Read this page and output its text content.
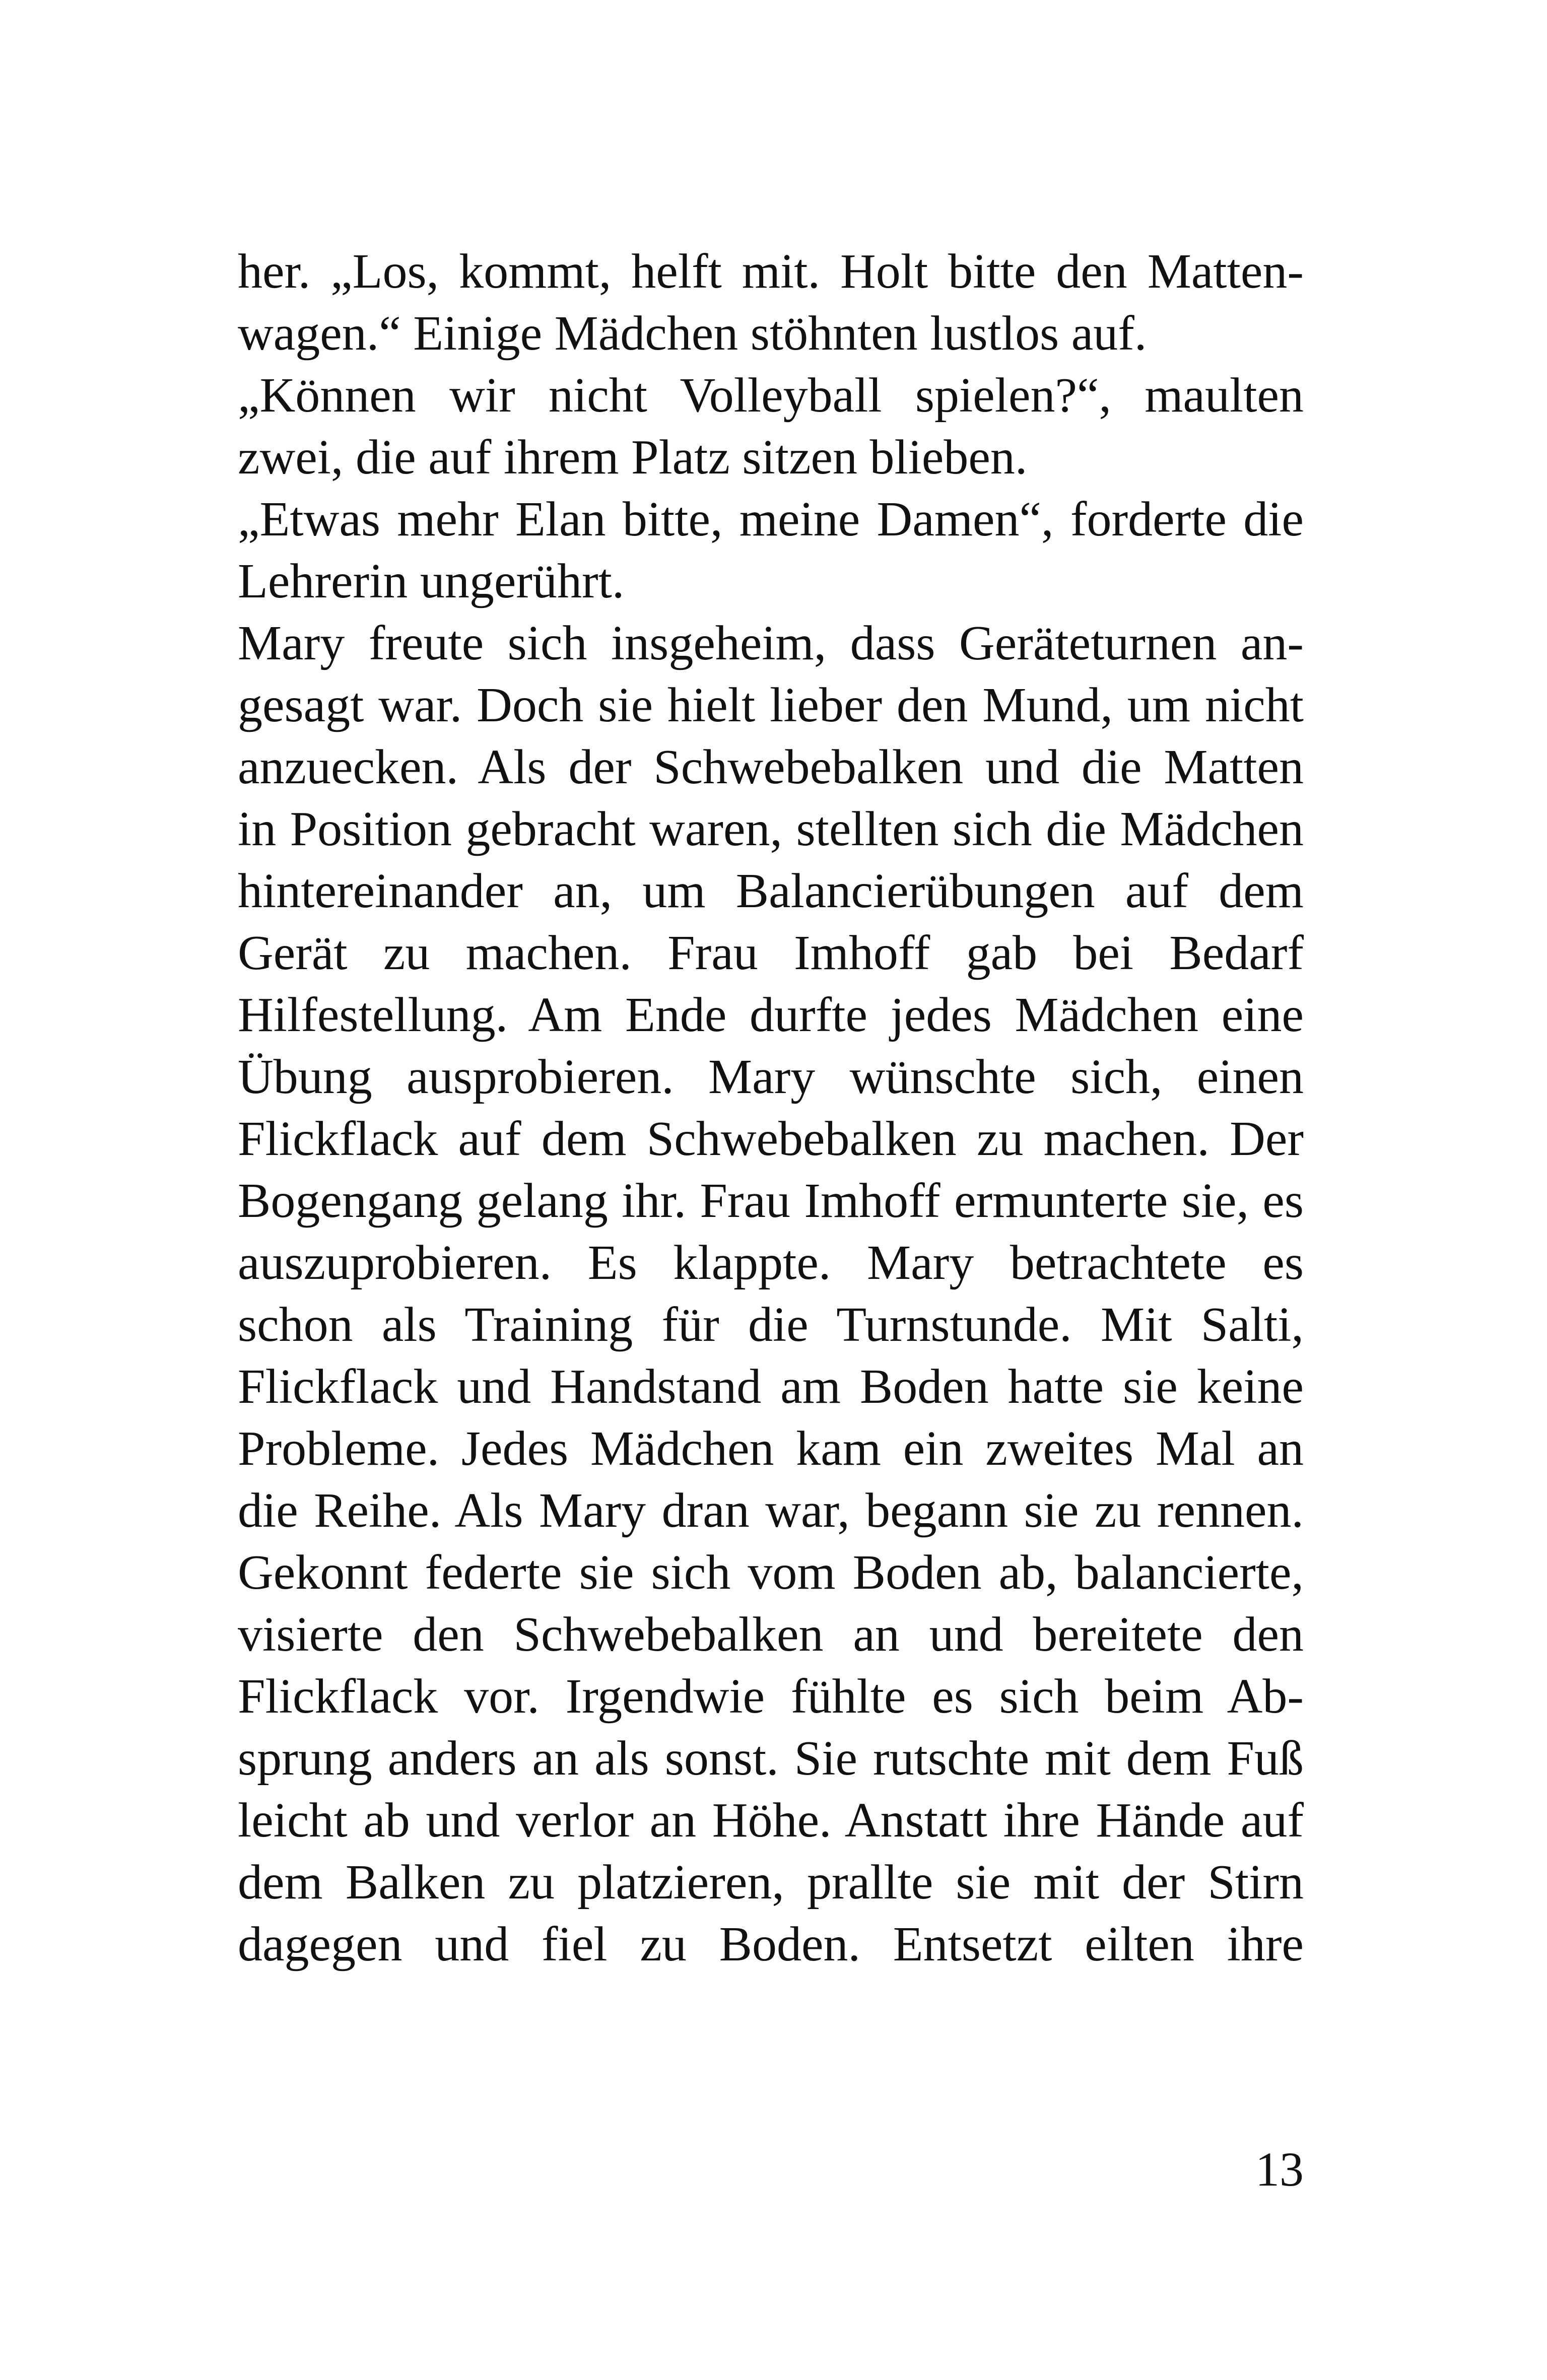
her. „Los, kommt, helft mit. Holt bitte den Matten-
wagen.“ Einige Mädchen stöhnten lustlos auf.
„Können wir nicht Volleyball spielen?“, maulten
zwei, die auf ihrem Platz sitzen blieben.
„Etwas mehr Elan bitte, meine Damen“, forderte die
Lehrerin ungerührt.
Mary freute sich insgeheim, dass Geräteturnen an-
gesagt war. Doch sie hielt lieber den Mund, um nicht
anzuecken. Als der Schwebebalken und die Matten
in Position gebracht waren, stellten sich die Mädchen
hintereinander an, um Balancierübungen auf dem
Gerät zu machen. Frau Imhoff gab bei Bedarf
Hilfestellung. Am Ende durfte jedes Mädchen eine
Übung ausprobieren. Mary wünschte sich, einen
Flickflack auf dem Schwebebalken zu machen. Der
Bogengang gelang ihr. Frau Imhoff ermunterte sie, es
auszuprobieren. Es klappte. Mary betrachtete es
schon als Training für die Turnstunde. Mit Salti,
Flickflack und Handstand am Boden hatte sie keine
Probleme. Jedes Mädchen kam ein zweites Mal an
die Reihe. Als Mary dran war, begann sie zu rennen.
Gekonnt federte sie sich vom Boden ab, balancierte,
visierte den Schwebebalken an und bereitete den
Flickflack vor. Irgendwie fühlte es sich beim Ab-
sprung anders an als sonst. Sie rutschte mit dem Fuß
leicht ab und verlor an Höhe. Anstatt ihre Hände auf
dem Balken zu platzieren, prallte sie mit der Stirn
dagegen und fiel zu Boden. Entsetzt eilten ihre
13
